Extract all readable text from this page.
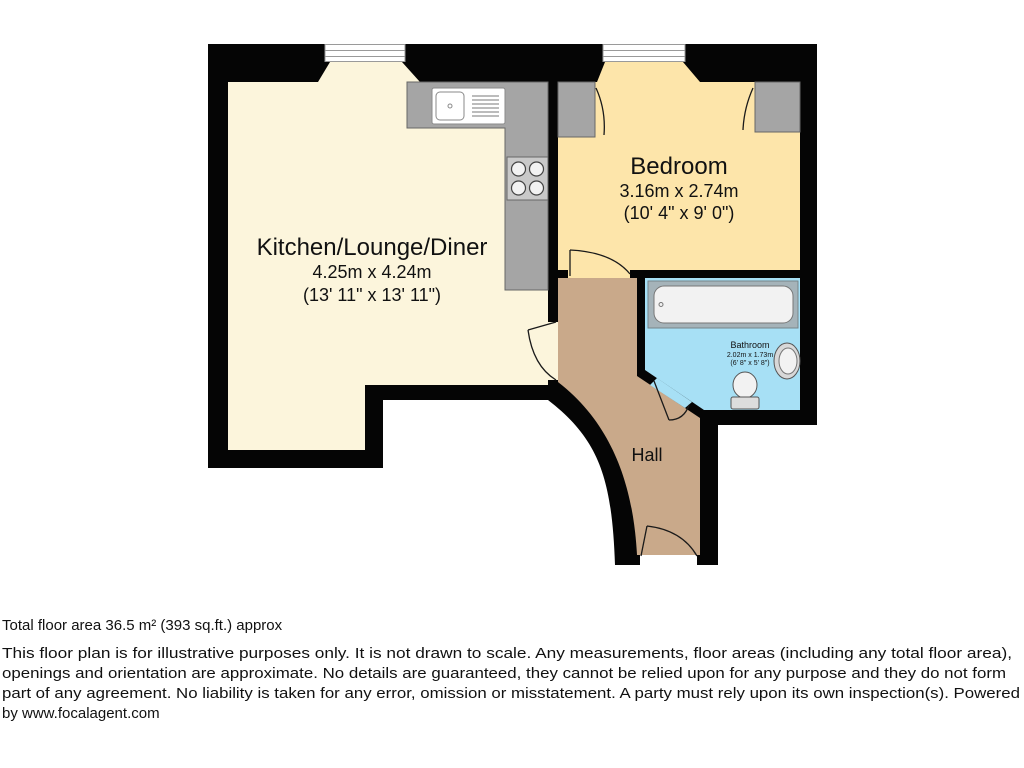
Kitchen/Lounge/Diner
4.25m x 4.24m
(13' 11" x 13' 11")
Bedroom
3.16m x 2.74m
(10' 4" x 9' 0")
Bathroom
2.02m x 1.73m
(6' 8" x 5' 8")
Hall
Total floor area 36.5 m² (393 sq.ft.) approx
This floor plan is for illustrative purposes only. It is not drawn to scale. Any measurements, floor areas (including any total floor area),
openings and orientation are approximate. No details are guaranteed, they cannot be relied upon for any purpose and they do not form
part of any agreement. No liability is taken for any error, omission or misstatement. A party must rely upon its own inspection(s). Powered
by www.focalagent.com
